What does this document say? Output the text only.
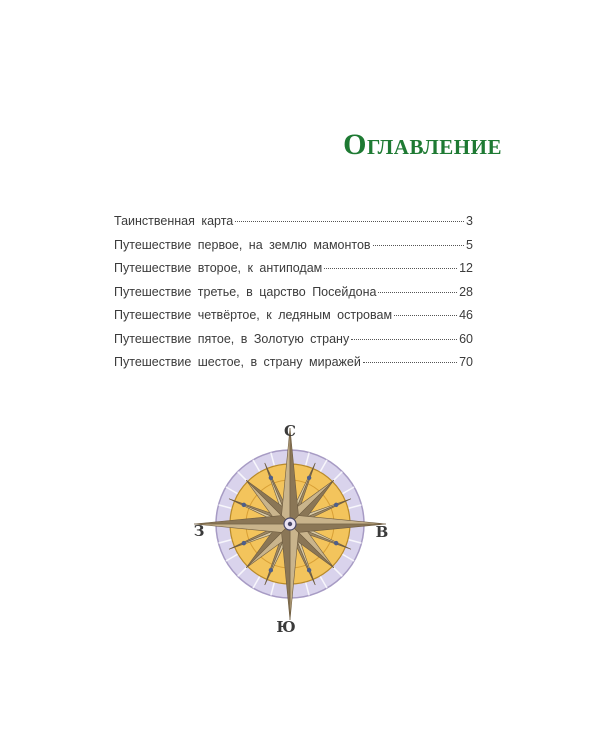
Оглавление
Таинственная карта	3
Путешествие первое, на землю мамонтов	5
Путешествие второе, к антиподам	12
Путешествие третье, в царство Посейдона	28
Путешествие четвёртое, к ледяным островам	46
Путешествие пятое, в Золотую страну	60
Путешествие шестое, в страну миражей	70
С
Ю
В
З
